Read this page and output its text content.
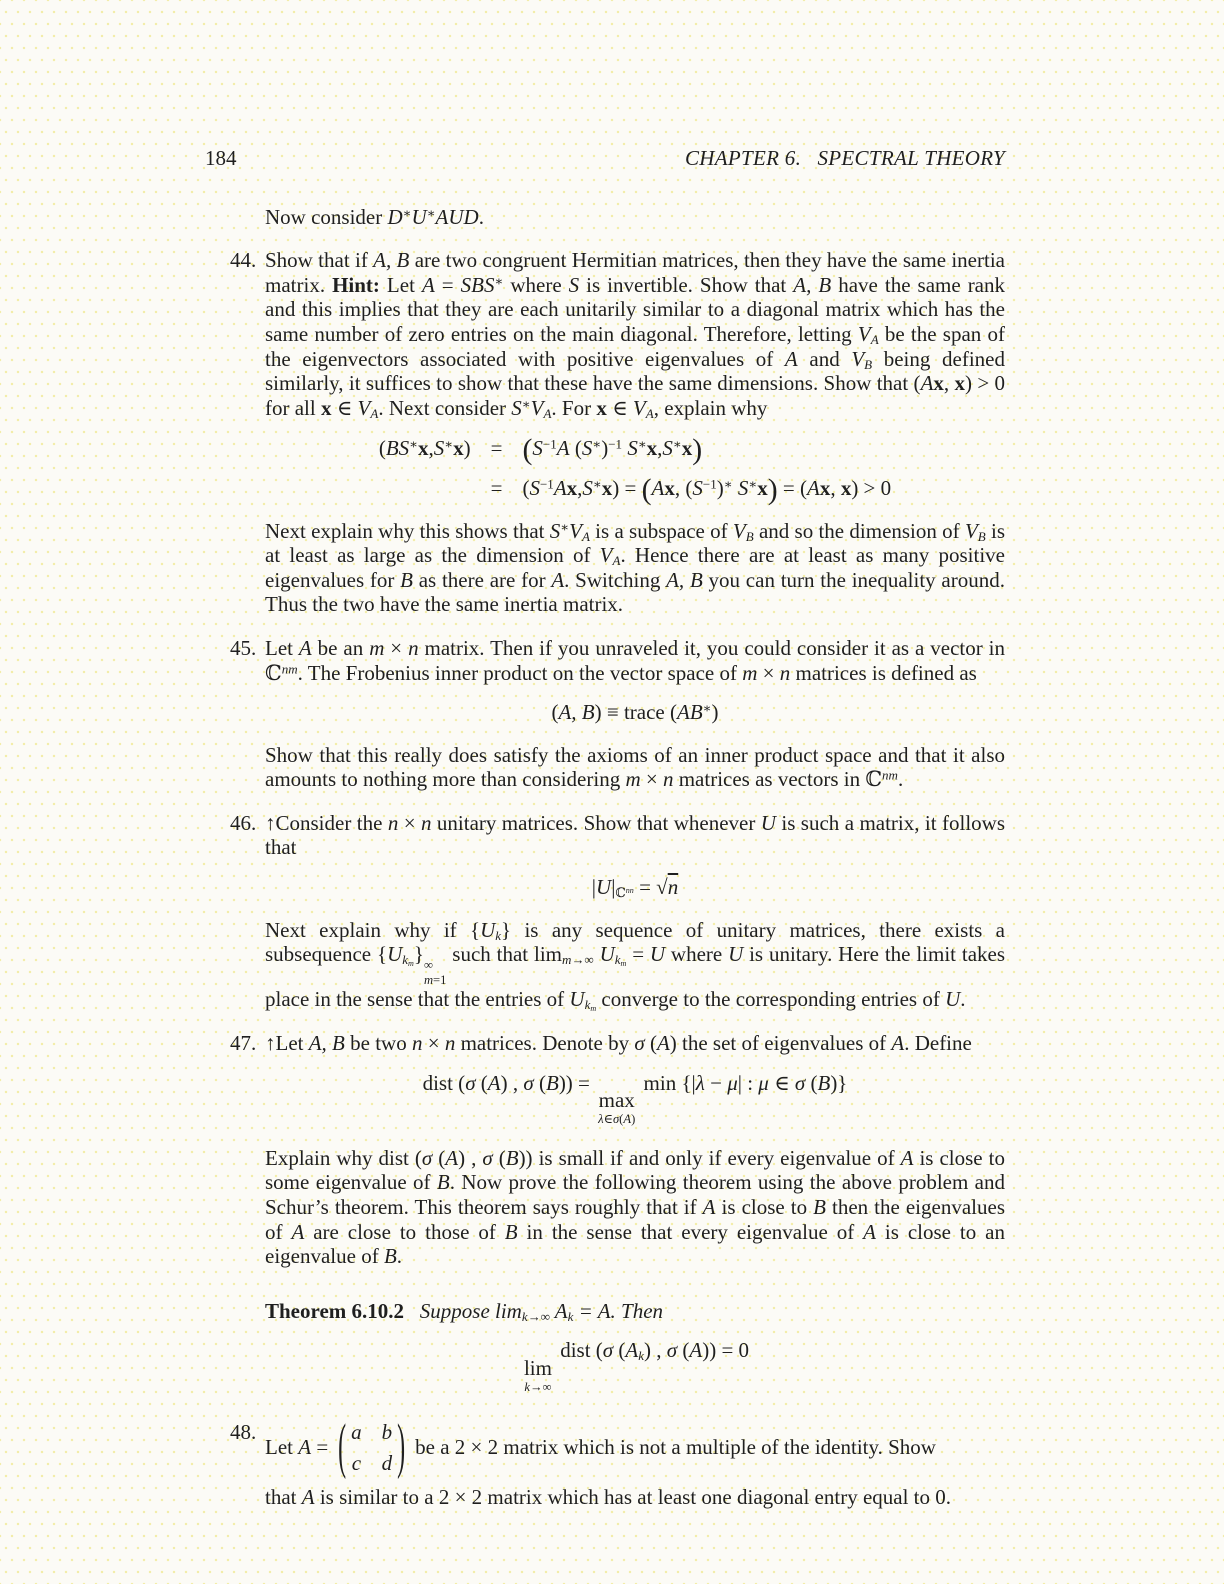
184	CHAPTER 6.  SPECTRAL THEORY
Now consider D∗U∗AUD.
44. Show that if A, B are two congruent Hermitian matrices, then they have the same inertia matrix. Hint: Let A = SBS∗ where S is invertible. Show that A, B have the same rank and this implies that they are each unitarily similar to a diagonal matrix which has the same number of zero entries on the main diagonal. Therefore, letting $V_A$ be the span of the eigenvectors associated with positive eigenvalues of A and $V_B$ being defined similarly, it suffices to show that these have the same dimensions. Show that (Ax, x) > 0 for all x ∈ $V_A$. Next consider $S^∗V_A$. For x ∈ $V_A$, explain why
$(BS^∗x,S^∗x) = (S^{-1}A$ $(S^∗)^{-1}$ S∗x,S∗x)
= $(S^{-1}Ax,S^∗x) = (Ax$, $(S^{-1})^∗$ S∗x) = (Ax, x) > 0
Next explain why this shows that $S^∗V_A$ is a subspace of $V_B$ and so the dimension of $V_B$ is at least as large as the dimension of $V_A$. Hence there are at least as many positive eigenvalues for B as there are for A. Switching A, B you can turn the inequality around. Thus the two have the same inertia matrix.
45. Let A be an m × n matrix. Then if you unraveled it, you could consider it as a vector in ℂ$^{nm}$. The Frobenius inner product on the vector space of m × n matrices is defined as
(A, B) ≡ trace (AB∗)
Show that this really does satisfy the axioms of an inner product space and that it also amounts to nothing more than considering m × n matrices as vectors in ℂ$^{nm}$.
46. ↑Consider the n × n unitary matrices. Show that whenever U is such a matrix, it follows that
$|U|_{ℂ^{nn}} = √n$
Next explain why if $\{U_k\}$ is any sequence of unitary matrices, there exists a subsequence $\{U_{k_m}\}$ ∞
m=1
such that $\lim_{m\to\infty} U_{k_m} = U$ where U is unitary. Here the limit takes place in the sense that the entries of $U_{k_m}$ converge to the corresponding entries of U.
47. ↑Let A, B be two n × n matrices. Denote by σ (A) the set of eigenvalues of A. Define
dist (σ (A) , σ (B)) =
max
λ∈σ(A)
min {|λ − μ| : μ ∈ σ (B)}
Explain why dist (σ (A) , σ (B)) is small if and only if every eigenvalue of A is close to some eigenvalue of B. Now prove the following theorem using the above problem and Schur’s theorem. This theorem says roughly that if A is close to B then the eigenvalues of A are close to those of B in the sense that every eigenvalue of A is close to an eigenvalue of B.
Theorem 6.10.2 Suppose $\lim_{k\to\infty} A_k = A$. Then
lim
k→∞
dist (σ $(A_k)$ , σ (A)) = 0
48.
Let A = ( a b
c d ) be a 2 × 2 matrix which is not a multiple of the identity. Show
that A is similar to a 2 × 2 matrix which has at least one diagonal entry equal to 0.
